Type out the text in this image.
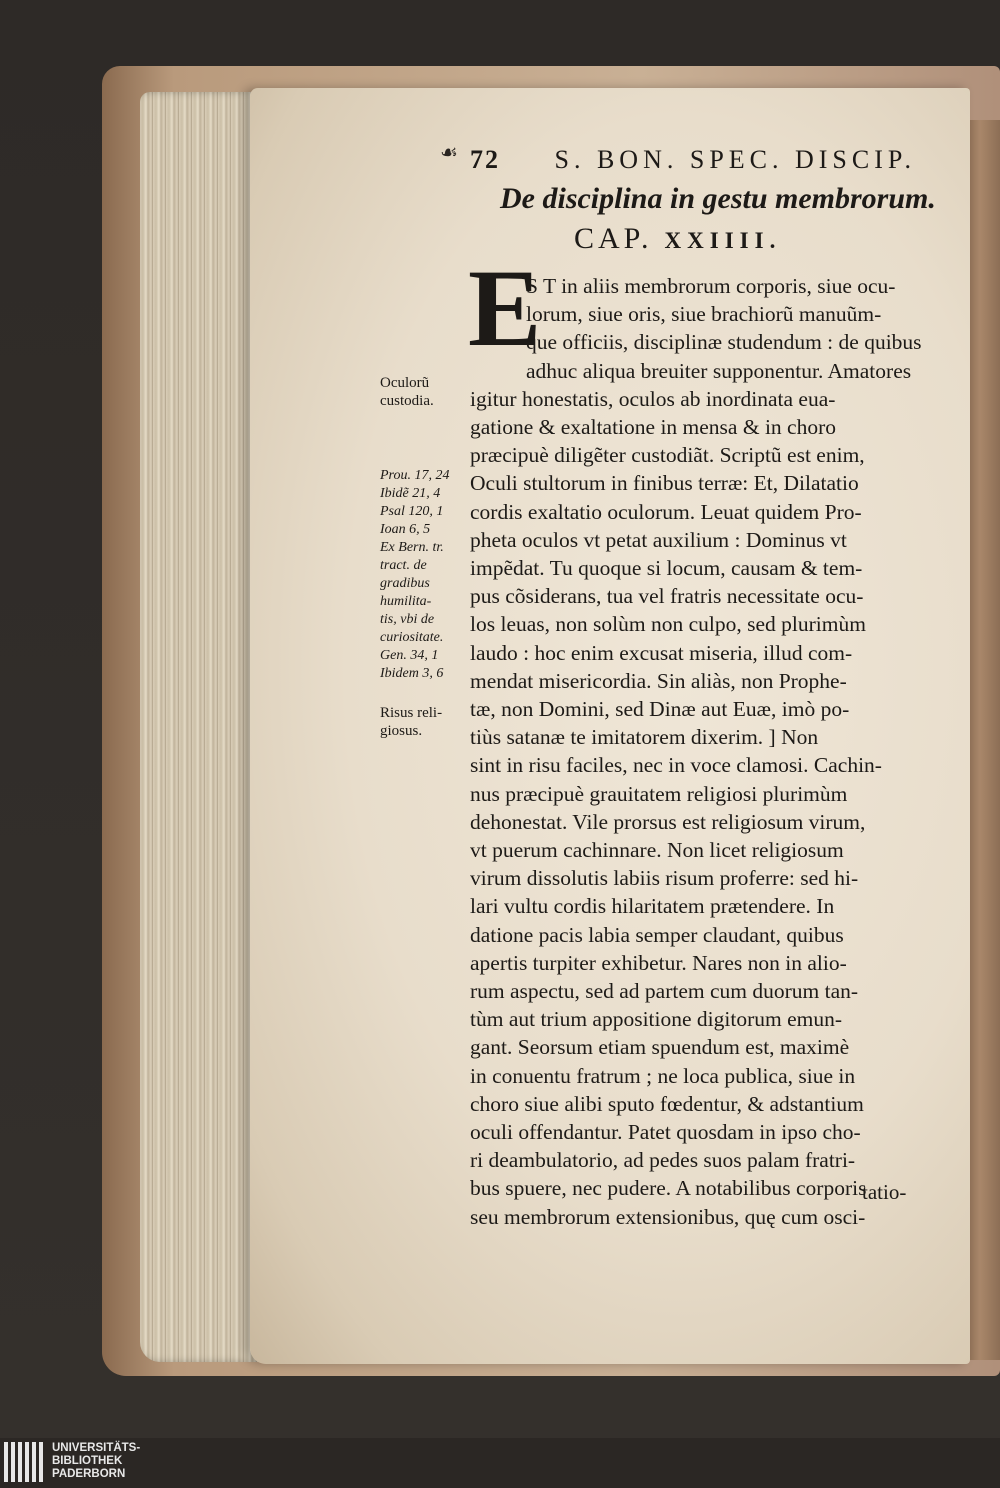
☙ 72 S. BON. SPEC. DISCIP.
De disciplina in gestu membrorum.
CAP. XXIIII.
E
S T in aliis membrorum corporis, siue ocu-
lorum, siue oris, siue brachiorũ manuũm-
que officiis, disciplinæ studendum : de quibus
adhuc aliqua breuiter supponentur. Amatores
igitur honestatis, oculos ab inordinata eua-
gatione & exaltatione in mensa & in choro
præcipuè diligẽter custodiãt. Scriptũ est enim,
Oculi stultorum in finibus terræ: Et, Dilatatio
cordis exaltatio oculorum. Leuat quidem Pro-
pheta oculos vt petat auxilium : Dominus vt
impẽdat. Tu quoque si locum, causam & tem-
pus cõsiderans, tua vel fratris necessitate ocu-
los leuas, non solùm non culpo, sed plurimùm
laudo : hoc enim excusat miseria, illud com-
mendat misericordia. Sin aliàs, non Prophe-
tæ, non Domini, sed Dinæ aut Euæ, imò po-
tiùs satanæ te imitatorem dixerim. ] Non
sint in risu faciles, nec in voce clamosi. Cachin-
nus præcipuè grauitatem religiosi plurimùm
dehonestat. Vile prorsus est religiosum virum,
vt puerum cachinnare. Non licet religiosum
virum dissolutis labiis risum proferre: sed hi-
lari vultu cordis hilaritatem prætendere. In
datione pacis labia semper claudant, quibus
apertis turpiter exhibetur. Nares non in alio-
rum aspectu, sed ad partem cum duorum tan-
tùm aut trium appositione digitorum emun-
gant. Seorsum etiam spuendum est, maximè
in conuentu fratrum ; ne loca publica, siue in
choro siue alibi sputo fœdentur, & adstantium
oculi offendantur. Patet quosdam in ipso cho-
ri deambulatorio, ad pedes suos palam fratri-
bus spuere, nec pudere. A notabilibus corporis
seu membrorum extensionibus, quę cum osci-
Oculorũ
custodia.
Prou. 17, 24
Ibidẽ 21, 4
Psal 120, 1
Ioan 6, 5
Ex Bern. tr.
tract. de
gradibus
humilita-
tis, vbi de
curiositate.
Gen. 34, 1
Ibidem 3, 6
Risus reli-
giosus.
tatio-
UNIVERSITÄTS-
BIBLIOTHEK
PADERBORN
